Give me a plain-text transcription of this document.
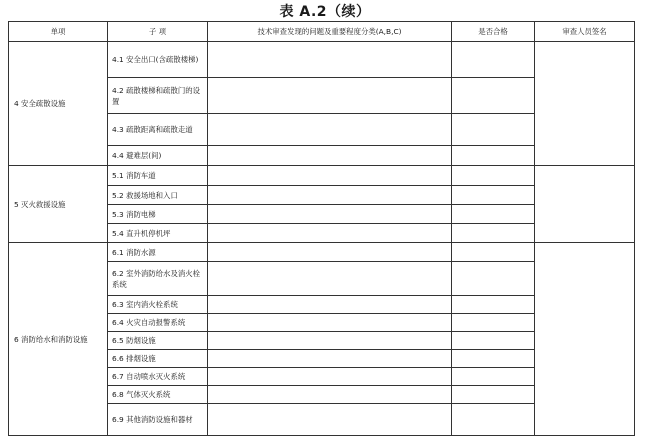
表 A.2（续）
单项	子 项	技术审查发现的问题及重要程度分类(A,B,C)	是否合格	审查人员签名
4 安全疏散设施	4.1 安全出口(含疏散楼梯)			
	4.2 疏散楼梯和疏散门的设置			
	4.3 疏散距离和疏散走道			
	4.4 避难层(间)			
5 灭火救援设施	5.1 消防车道			
	5.2 救援场地和入口			
	5.3 消防电梯			
	5.4 直升机停机坪			
6 消防给水和消防设施	6.1 消防水源			
	6.2 室外消防给水及消火栓系统			
	6.3 室内消火栓系统			
	6.4 火灾自动报警系统			
	6.5 防烟设施			
	6.6 排烟设施			
	6.7 自动喷水灭火系统			
	6.8 气体灭火系统			
	6.9 其他消防设施和器材			
